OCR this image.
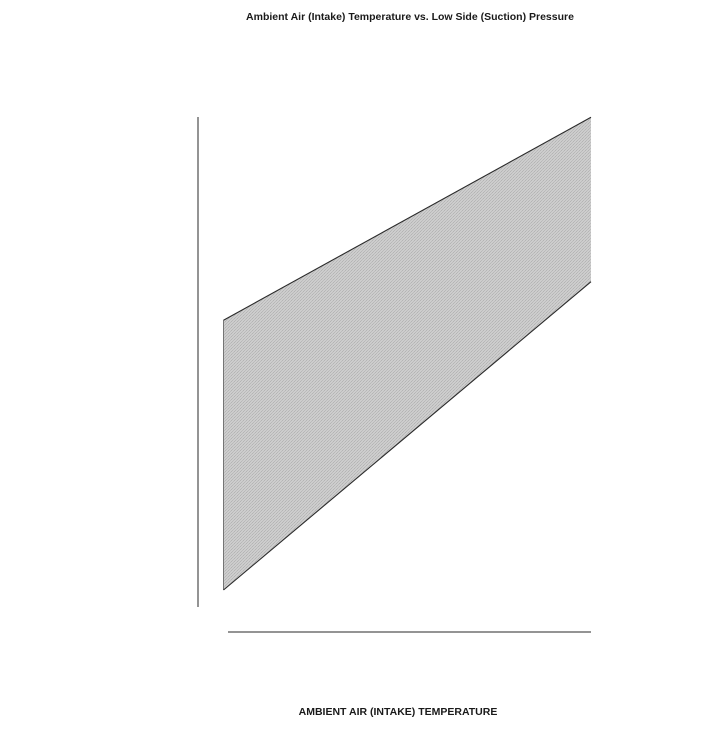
Ambient Air (Intake) Temperature vs. Low Side (Suction) Pressure
AMBIENT AIR (INTAKE) TEMPERATURE
